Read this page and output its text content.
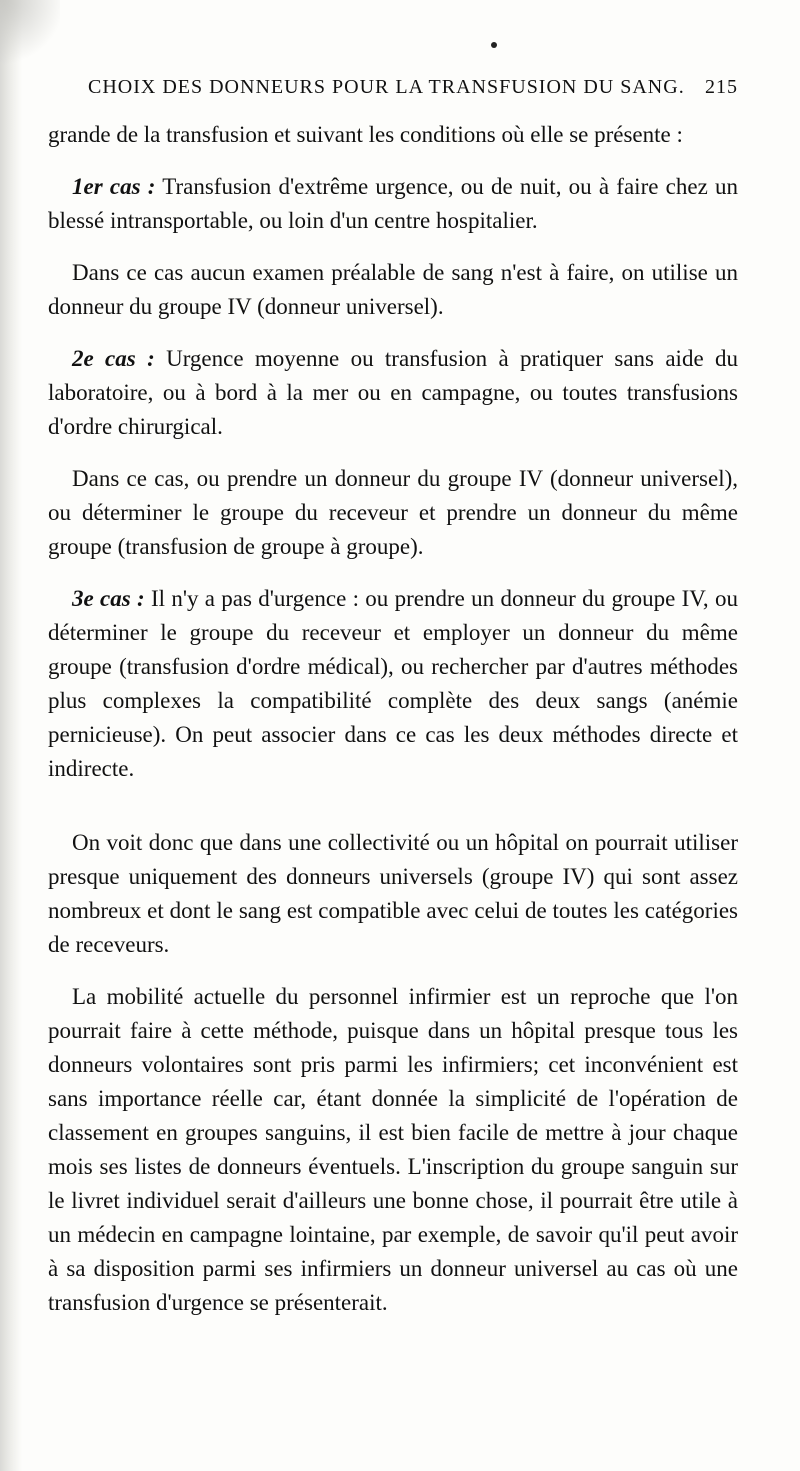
CHOIX DES DONNEURS POUR LA TRANSFUSION DU SANG. 215

grande de la transfusion et suivant les conditions où elle se présente :

1er cas : Transfusion d'extrême urgence, ou de nuit, ou à faire chez un blessé intransportable, ou loin d'un centre hospitalier.

Dans ce cas aucun examen préalable de sang n'est à faire, on utilise un donneur du groupe IV (donneur universel).

2e cas : Urgence moyenne ou transfusion à pratiquer sans aide du laboratoire, ou à bord à la mer ou en campagne, ou toutes transfusions d'ordre chirurgical.

Dans ce cas, ou prendre un donneur du groupe IV (donneur universel), ou déterminer le groupe du receveur et prendre un donneur du même groupe (transfusion de groupe à groupe).

3e cas : Il n'y a pas d'urgence : ou prendre un donneur du groupe IV, ou déterminer le groupe du receveur et employer un donneur du même groupe (transfusion d'ordre médical), ou rechercher par d'autres méthodes plus complexes la compatibilité complète des deux sangs (anémie pernicieuse). On peut associer dans ce cas les deux méthodes directe et indirecte.

On voit donc que dans une collectivité ou un hôpital on pourrait utiliser presque uniquement des donneurs universels (groupe IV) qui sont assez nombreux et dont le sang est compatible avec celui de toutes les catégories de receveurs.

La mobilité actuelle du personnel infirmier est un reproche que l'on pourrait faire à cette méthode, puisque dans un hôpital presque tous les donneurs volontaires sont pris parmi les infirmiers; cet inconvénient est sans importance réelle car, étant donnée la simplicité de l'opération de classement en groupes sanguins, il est bien facile de mettre à jour chaque mois ses listes de donneurs éventuels. L'inscription du groupe sanguin sur le livret individuel serait d'ailleurs une bonne chose, il pourrait être utile à un médecin en campagne lointaine, par exemple, de savoir qu'il peut avoir à sa disposition parmi ses infirmiers un donneur universel au cas où une transfusion d'urgence se présenterait.
